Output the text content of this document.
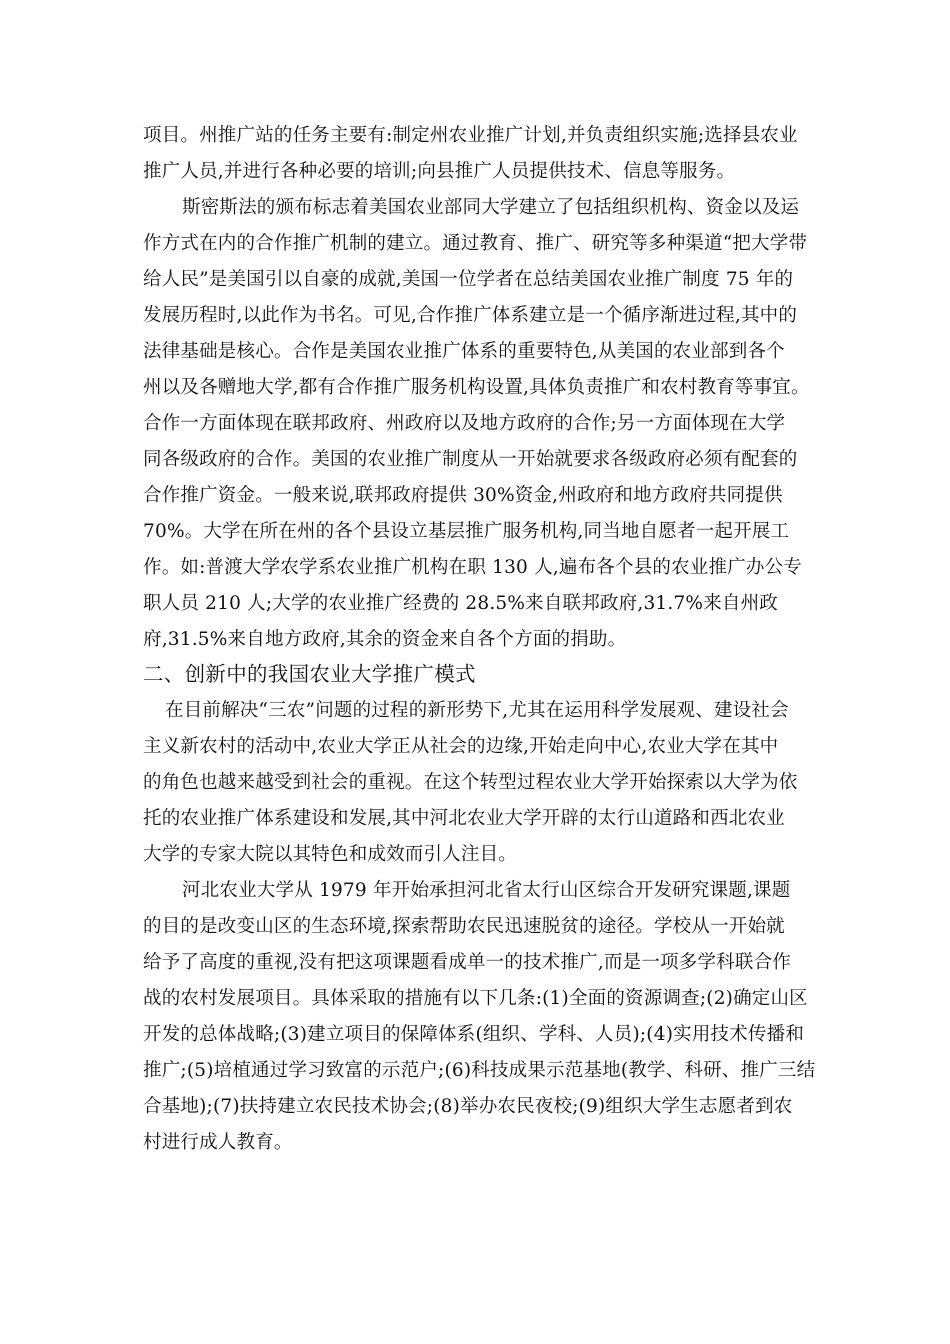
项目。州推广站的任务主要有:制定州农业推广计划,并负责组织实施;选择县农业
推广人员,并进行各种必要的培训;向县推广人员提供技术、信息等服务。
斯密斯法的颁布标志着美国农业部同大学建立了包括组织机构、资金以及运
作方式在内的合作推广机制的建立。通过教育、推广、研究等多种渠道“把大学带
给人民”是美国引以自豪的成就,美国一位学者在总结美国农业推广制度 75 年的
发展历程时,以此作为书名。可见,合作推广体系建立是一个循序渐进过程,其中的
法律基础是核心。合作是美国农业推广体系的重要特色,从美国的农业部到各个
州以及各赠地大学,都有合作推广服务机构设置,具体负责推广和农村教育等事宜。
合作一方面体现在联邦政府、州政府以及地方政府的合作;另一方面体现在大学
同各级政府的合作。美国的农业推广制度从一开始就要求各级政府必须有配套的
合作推广资金。一般来说,联邦政府提供 30%资金,州政府和地方政府共同提供
70%。大学在所在州的各个县设立基层推广服务机构,同当地自愿者一起开展工
作。如:普渡大学农学系农业推广机构在职 130 人,遍布各个县的农业推广办公专
职人员 210 人;大学的农业推广经费的 28.5%来自联邦政府,31.7%来自州政
府,31.5%来自地方政府,其余的资金来自各个方面的捐助。
二、创新中的我国农业大学推广模式
在目前解决“三农”问题的过程的新形势下,尤其在运用科学发展观、建设社会
主义新农村的活动中,农业大学正从社会的边缘,开始走向中心,农业大学在其中
的角色也越来越受到社会的重视。在这个转型过程农业大学开始探索以大学为依
托的农业推广体系建设和发展,其中河北农业大学开辟的太行山道路和西北农业
大学的专家大院以其特色和成效而引人注目。
河北农业大学从 1979 年开始承担河北省太行山区综合开发研究课题,课题
的目的是改变山区的生态环境,探索帮助农民迅速脱贫的途径。学校从一开始就
给予了高度的重视,没有把这项课题看成单一的技术推广,而是一项多学科联合作
战的农村发展项目。具体采取的措施有以下几条:(1)全面的资源调查;(2)确定山区
开发的总体战略;(3)建立项目的保障体系(组织、学科、人员);(4)实用技术传播和
推广;(5)培植通过学习致富的示范户;(6)科技成果示范基地(教学、科研、推广三结
合基地);(7)扶持建立农民技术协会;(8)举办农民夜校;(9)组织大学生志愿者到农
村进行成人教育。
